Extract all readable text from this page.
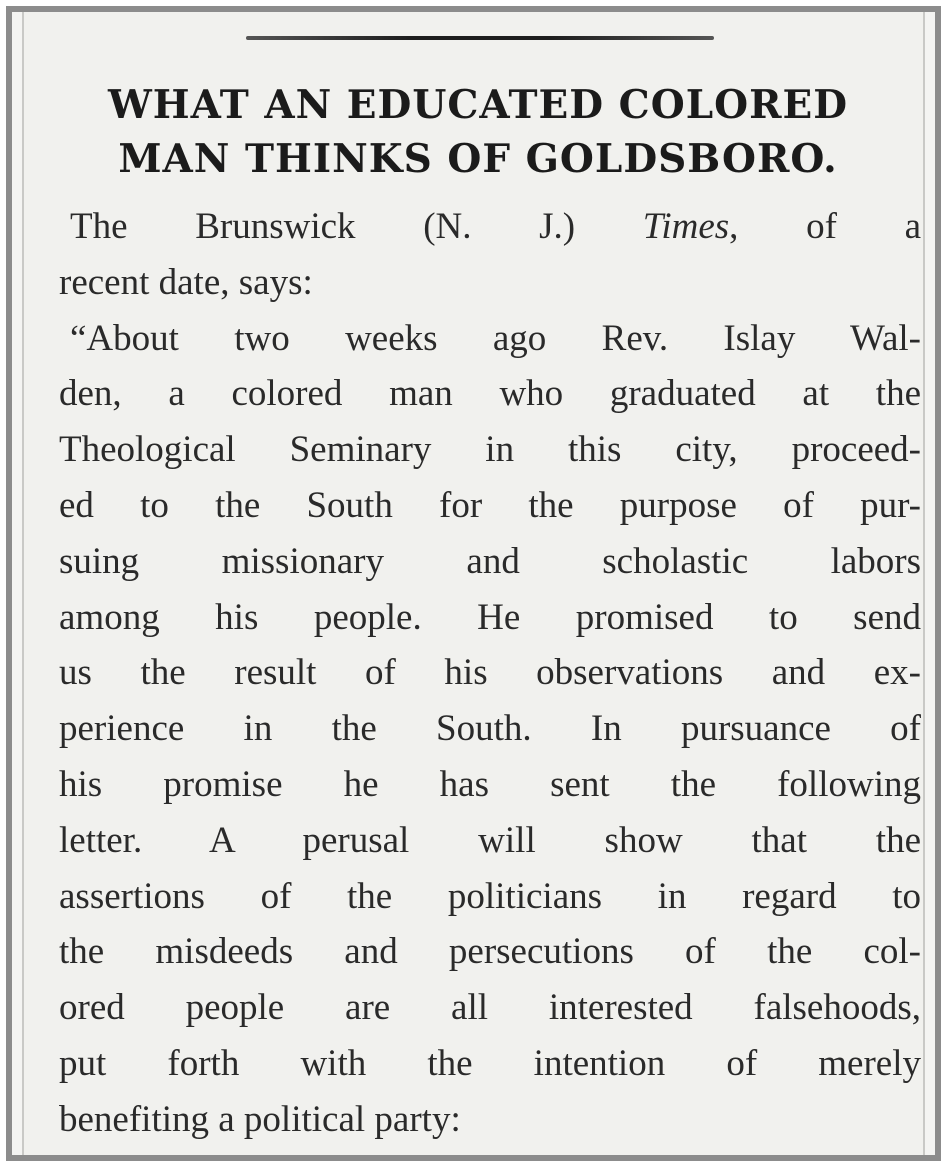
WHAT AN EDUCATED COLORED
MAN THINKS OF GOLDSBORO.
The Brunswick (N. J.) Times, of a
recent date, says:
“About two weeks ago Rev. Islay Wal-
den, a colored man who graduated at the
Theological Seminary in this city, proceed-
ed to the South for the purpose of pur-
suing missionary and scholastic labors
among his people. He promised to send
us the result of his observations and ex-
perience in the South. In pursuance of
his promise he has sent the following
letter. A perusal will show that the
assertions of the politicians in regard to
the misdeeds and persecutions of the col-
ored people are all interested falsehoods,
put forth with the intention of merely
benefiting a political party:
